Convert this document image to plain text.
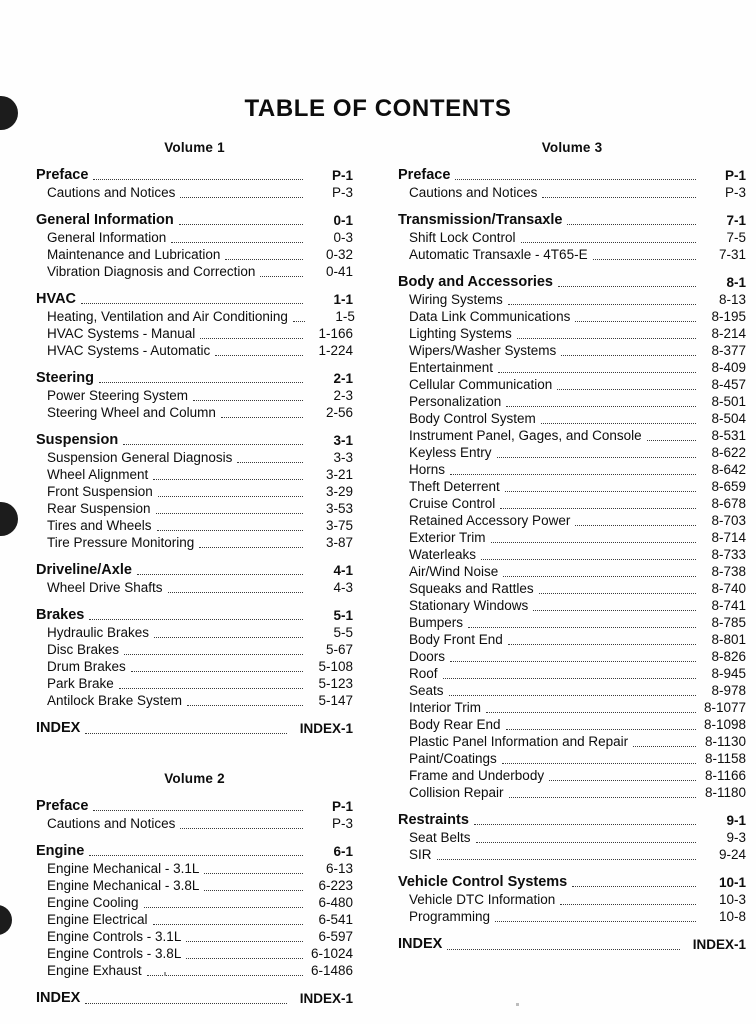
TABLE OF CONTENTS
Volume 1
Preface	P-1
Cautions and Notices	P-3
General Information	0-1
General Information	0-3
Maintenance and Lubrication	0-32
Vibration Diagnosis and Correction	0-41
HVAC	1-1
Heating, Ventilation and Air Conditioning	1-5
HVAC Systems - Manual	1-166
HVAC Systems - Automatic	1-224
Steering	2-1
Power Steering System	2-3
Steering Wheel and Column	2-56
Suspension	3-1
Suspension General Diagnosis	3-3
Wheel Alignment	3-21
Front Suspension	3-29
Rear Suspension	3-53
Tires and Wheels	3-75
Tire Pressure Monitoring	3-87
Driveline/Axle	4-1
Wheel Drive Shafts	4-3
Brakes	5-1
Hydraulic Brakes	5-5
Disc Brakes	5-67
Drum Brakes	5-108
Park Brake	5-123
Antilock Brake System	5-147
INDEX	INDEX-1
Volume 2
Preface	P-1
Cautions and Notices	P-3
Engine	6-1
Engine Mechanical - 3.1L	6-13
Engine Mechanical - 3.8L	6-223
Engine Cooling	6-480
Engine Electrical	6-541
Engine Controls - 3.1L	6-597
Engine Controls - 3.8L	6-1024
Engine Exhaust	6-1486
INDEX	INDEX-1
Volume 3
Preface	P-1
Cautions and Notices	P-3
Transmission/Transaxle	7-1
Shift Lock Control	7-5
Automatic Transaxle - 4T65-E	7-31
Body and Accessories	8-1
Wiring Systems	8-13
Data Link Communications	8-195
Lighting Systems	8-214
Wipers/Washer Systems	8-377
Entertainment	8-409
Cellular Communication	8-457
Personalization	8-501
Body Control System	8-504
Instrument Panel, Gages, and Console	8-531
Keyless Entry	8-622
Horns	8-642
Theft Deterrent	8-659
Cruise Control	8-678
Retained Accessory Power	8-703
Exterior Trim	8-714
Waterleaks	8-733
Air/Wind Noise	8-738
Squeaks and Rattles	8-740
Stationary Windows	8-741
Bumpers	8-785
Body Front End	8-801
Doors	8-826
Roof	8-945
Seats	8-978
Interior Trim	8-1077
Body Rear End	8-1098
Plastic Panel Information and Repair	8-1130
Paint/Coatings	8-1158
Frame and Underbody	8-1166
Collision Repair	8-1180
Restraints	9-1
Seat Belts	9-3
SIR	9-24
Vehicle Control Systems	10-1
Vehicle DTC Information	10-3
Programming	10-8
INDEX	INDEX-1
